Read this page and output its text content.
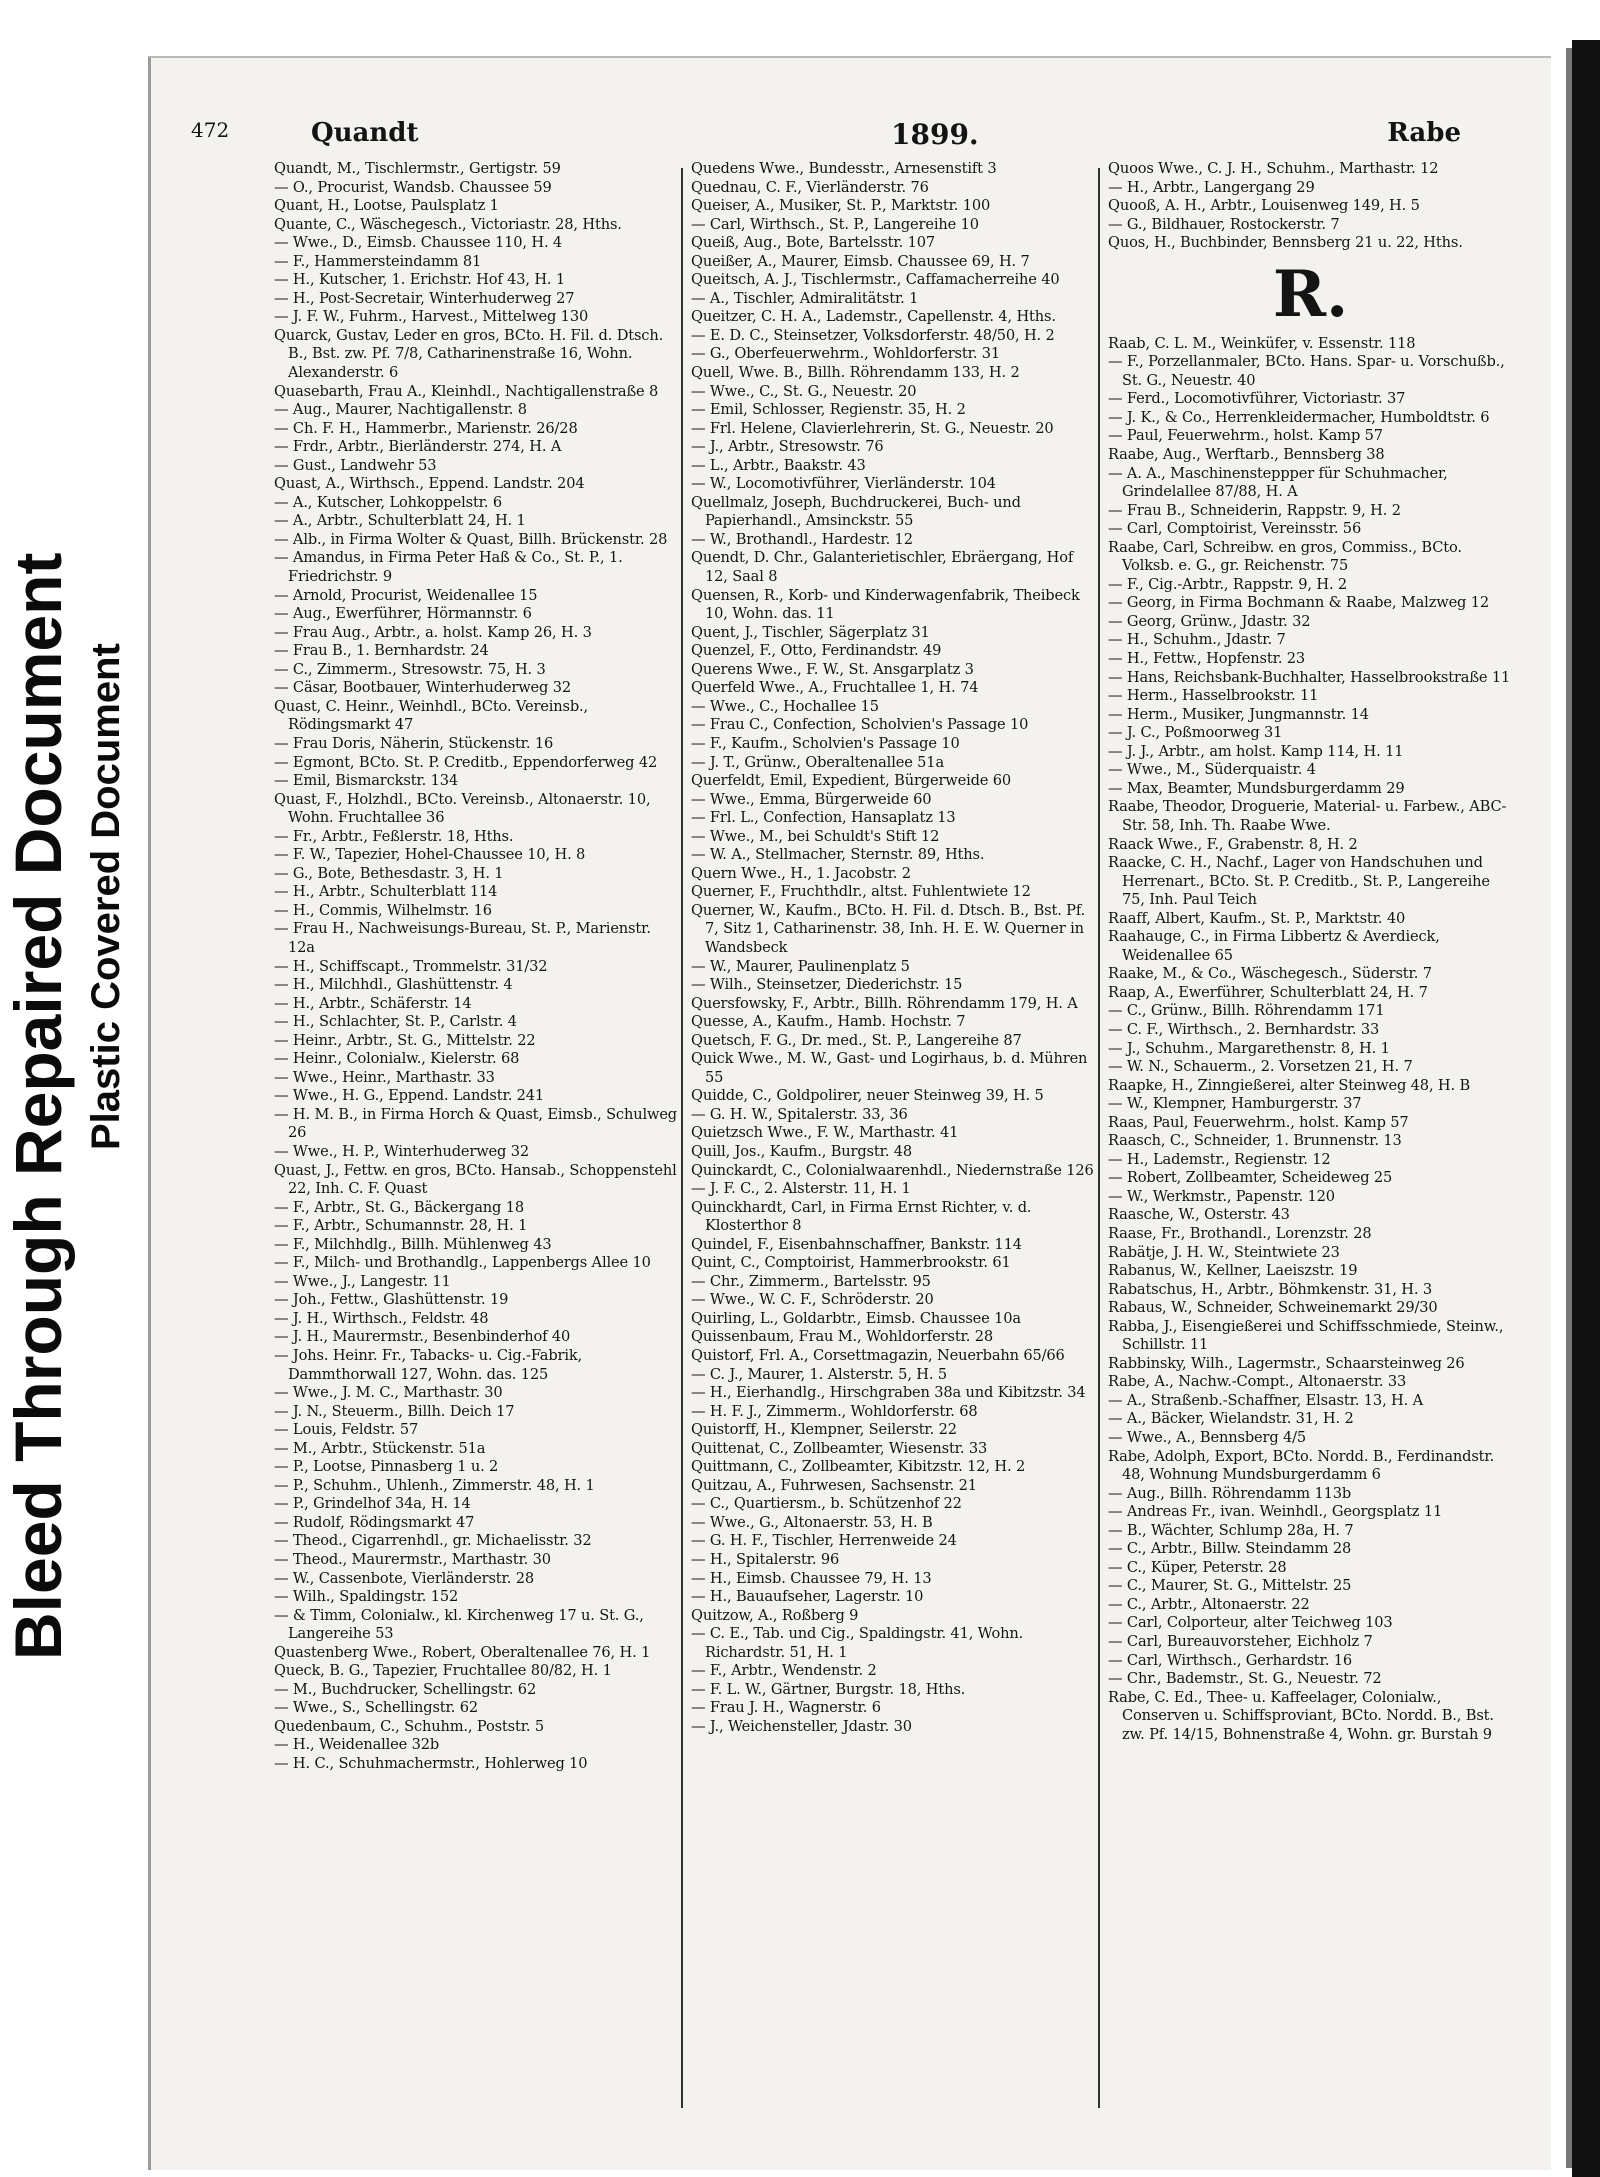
Bleed Through Repaired Document Plastic Covered Document
472	Quandt	1899.	Rabe
Quandt, M., Tischlermstr., Gertigstr. 59
— O., Procurist, Wandsb. Chaussee 59
Quant, H., Lootse, Paulsplatz 1
Quante, C., Wäschegesch., Victoriastr. 28, Hths.
— Wwe., D., Eimsb. Chaussee 110, H. 4
— F., Hammersteindamm 81
— H., Kutscher, 1. Erichstr. Hof 43, H. 1
— H., Post-Secretair, Winterhuderweg 27
— J. F. W., Fuhrm., Harvest., Mittelweg 130
Quarck, Gustav, Leder en gros, BCto. H. Fil. d. Dtsch. B., Bst. zw. Pf. 7/8, Catharinenstraße 16, Wohn. Alexanderstr. 6
Quasebarth, Frau A., Kleinhdl., Nachtigallenstraße 8
— Aug., Maurer, Nachtigallenstr. 8
— Ch. F. H., Hammerbr., Marienstr. 26/28
— Frdr., Arbtr., Bierländerstr. 274, H. A
— Gust., Landwehr 53
Quast, A., Wirthsch., Eppend. Landstr. 204
— A., Kutscher, Lohkoppelstr. 6
— A., Arbtr., Schulterblatt 24, H. 1
— Alb., in Firma Wolter & Quast, Billh. Brückenstr. 28
— Amandus, in Firma Peter Haß & Co., St. P., 1. Friedrichstr. 9
— Arnold, Procurist, Weidenallee 15
— Aug., Ewerführer, Hörmannstr. 6
— Frau Aug., Arbtr., a. holst. Kamp 26, H. 3
— Frau B., 1. Bernhardstr. 24
— C., Zimmerm., Stresowstr. 75, H. 3
— Cäsar, Bootbauer, Winterhuderweg 32
Quast, C. Heinr., Weinhdl., BCto. Vereinsb., Rödingsmarkt 47
— Frau Doris, Näherin, Stückenstr. 16
— Egmont, BCto. St. P. Creditb., Eppendorferweg 42
— Emil, Bismarckstr. 134
Quast, F., Holzhdl., BCto. Vereinsb., Altonaerstr. 10, Wohn. Fruchtallee 36
— Fr., Arbtr., Feßlerstr. 18, Hths.
— F. W., Tapezier, Hohel-Chaussee 10, H. 8
— G., Bote, Bethesdastr. 3, H. 1
— H., Arbtr., Schulterblatt 114
— H., Commis, Wilhelmstr. 16
— Frau H., Nachweisungs-Bureau, St. P., Marienstr. 12a
— H., Schiffscapt., Trommelstr. 31/32
— H., Milchhdl., Glashüttenstr. 4
— H., Arbtr., Schäferstr. 14
— H., Schlachter, St. P., Carlstr. 4
— Heinr., Arbtr., St. G., Mittelstr. 22
— Heinr., Colonialw., Kielerstr. 68
— Wwe., Heinr., Marthastr. 33
— Wwe., H. G., Eppend. Landstr. 241
— H. M. B., in Firma Horch & Quast, Eimsb., Schulweg 26
— Wwe., H. P., Winterhuderweg 32
Quast, J., Fettw. en gros, BCto. Hansab., Schoppenstehl 22, Inh. C. F. Quast
— F., Arbtr., St. G., Bäckergang 18
— F., Arbtr., Schumannstr. 28, H. 1
— F., Milchhdlg., Billh. Mühlenweg 43
— F., Milch- und Brothandlg., Lappenbergs Allee 10
— Wwe., J., Langestr. 11
— Joh., Fettw., Glashüttenstr. 19
— J. H., Wirthsch., Feldstr. 48
— J. H., Maurermstr., Besenbinderhof 40
— Johs. Heinr. Fr., Tabacks- u. Cig.-Fabrik, Dammthorwall 127, Wohn. das. 125
— Wwe., J. M. C., Marthastr. 30
— J. N., Steuerm., Billh. Deich 17
— Louis, Feldstr. 57
— M., Arbtr., Stückenstr. 51a
— P., Lootse, Pinnasberg 1 u. 2
— P., Schuhm., Uhlenh., Zimmerstr. 48, H. 1
— P., Grindelhof 34a, H. 14
— Rudolf, Rödingsmarkt 47
— Theod., Cigarrenhdl., gr. Michaelisstr. 32
— Theod., Maurermstr., Marthastr. 30
— W., Cassenbote, Vierländerstr. 28
— Wilh., Spaldingstr. 152
— & Timm, Colonialw., kl. Kirchenweg 17 u. St. G., Langereihe 53
Quastenberg Wwe., Robert, Oberaltenallee 76, H. 1
Queck, B. G., Tapezier, Fruchtallee 80/82, H. 1
— M., Buchdrucker, Schellingstr. 62
— Wwe., S., Schellingstr. 62
Quedenbaum, C., Schuhm., Poststr. 5
— H., Weidenallee 32b
— H. C., Schuhmachermstr., Hohlerweg 10
Quedens Wwe., Bundesstr., Arnesenstift 3
Quednau, C. F., Vierländerstr. 76
Queiser, A., Musiker, St. P., Marktstr. 100
— Carl, Wirthsch., St. P., Langereihe 10
Queiß, Aug., Bote, Bartelsstr. 107
Queißer, A., Maurer, Eimsb. Chaussee 69, H. 7
Queitsch, A. J., Tischlermstr., Caffamacherreihe 40
— A., Tischler, Admiralitätstr. 1
Queitzer, C. H. A., Lademstr., Capellenstr. 4, Hths.
— E. D. C., Steinsetzer, Volksdorferstr. 48/50, H. 2
— G., Oberfeuerwehrm., Wohldorferstr. 31
Quell, Wwe. B., Billh. Röhrendamm 133, H. 2
— Wwe., C., St. G., Neuestr. 20
— Emil, Schlosser, Regienstr. 35, H. 2
— Frl. Helene, Clavierlehrerin, St. G., Neuestr. 20
— J., Arbtr., Stresowstr. 76
— L., Arbtr., Baakstr. 43
— W., Locomotivführer, Vierländerstr. 104
Quellmalz, Joseph, Buchdruckerei, Buch- und Papierhandl., Amsinckstr. 55
— W., Brothandl., Hardestr. 12
Quendt, D. Chr., Galanterietischler, Ebräergang, Hof 12, Saal 8
Quensen, R., Korb- und Kinderwagenfabrik, Theibeck 10, Wohn. das. 11
Quent, J., Tischler, Sägerplatz 31
Quenzel, F., Otto, Ferdinandstr. 49
Querens Wwe., F. W., St. Ansgarplatz 3
Querfeld Wwe., A., Fruchtallee 1, H. 74
— Wwe., C., Hochallee 15
— Frau C., Confection, Scholvien's Passage 10
— F., Kaufm., Scholvien's Passage 10
— J. T., Grünw., Oberaltenallee 51a
Querfeldt, Emil, Expedient, Bürgerweide 60
— Wwe., Emma, Bürgerweide 60
— Frl. L., Confection, Hansaplatz 13
— Wwe., M., bei Schuldt's Stift 12
— W. A., Stellmacher, Sternstr. 89, Hths.
Quern Wwe., H., 1. Jacobstr. 2
Querner, F., Fruchthdlr., altst. Fuhlentwiete 12
Querner, W., Kaufm., BCto. H. Fil. d. Dtsch. B., Bst. Pf. 7, Sitz 1, Catharinenstr. 38, Inh. H. E. W. Querner in Wandsbeck
— W., Maurer, Paulinenplatz 5
— Wilh., Steinsetzer, Diederichstr. 15
Quersfowsky, F., Arbtr., Billh. Röhrendamm 179, H. A
Quesse, A., Kaufm., Hamb. Hochstr. 7
Quetsch, F. G., Dr. med., St. P., Langereihe 87
Quick Wwe., M. W., Gast- und Logirhaus, b. d. Mühren 55
Quidde, C., Goldpolirer, neuer Steinweg 39, H. 5
— G. H. W., Spitalerstr. 33, 36
Quietzsch Wwe., F. W., Marthastr. 41
Quill, Jos., Kaufm., Burgstr. 48
Quinckardt, C., Colonialwaarenhdl., Niedernstraße 126
— J. F. C., 2. Alsterstr. 11, H. 1
Quinckhardt, Carl, in Firma Ernst Richter, v. d. Klosterthor 8
Quindel, F., Eisenbahnschaffner, Bankstr. 114
Quint, C., Comptoirist, Hammerbrookstr. 61
— Chr., Zimmerm., Bartelsstr. 95
— Wwe., W. C. F., Schröderstr. 20
Quirling, L., Goldarbtr., Eimsb. Chaussee 10a
Quissenbaum, Frau M., Wohldorferstr. 28
Quistorf, Frl. A., Corsettmagazin, Neuerbahn 65/66
— C. J., Maurer, 1. Alsterstr. 5, H. 5
— H., Eierhandlg., Hirschgraben 38a und Kibitzstr. 34
— H. F. J., Zimmerm., Wohldorferstr. 68
Quistorff, H., Klempner, Seilerstr. 22
Quittenat, C., Zollbeamter, Wiesenstr. 33
Quittmann, C., Zollbeamter, Kibitzstr. 12, H. 2
Quitzau, A., Fuhrwesen, Sachsenstr. 21
— C., Quartiersm., b. Schützenhof 22
— Wwe., G., Altonaerstr. 53, H. B
— G. H. F., Tischler, Herrenweide 24
— H., Spitalerstr. 96
— H., Eimsb. Chaussee 79, H. 13
— H., Bauaufseher, Lagerstr. 10
Quitzow, A., Roßberg 9
— C. E., Tab. und Cig., Spaldingstr. 41, Wohn. Richardstr. 51, H. 1
— F., Arbtr., Wendenstr. 2
— F. L. W., Gärtner, Burgstr. 18, Hths.
— Frau J. H., Wagnerstr. 6
— J., Weichensteller, Jdastr. 30
Quoos Wwe., C. J. H., Schuhm., Marthastr. 12
— H., Arbtr., Langergang 29
Quooß, A. H., Arbtr., Louisenweg 149, H. 5
— G., Bildhauer, Rostockerstr. 7
Quos, H., Buchbinder, Bennsberg 21 u. 22, Hths.
R.
Raab, C. L. M., Weinküfer, v. Essenstr. 118
— F., Porzellanmaler, BCto. Hans. Spar- u. Vorschußb., St. G., Neuestr. 40
— Ferd., Locomotivführer, Victoriastr. 37
— J. K., & Co., Herrenkleidermacher, Humboldtstr. 6
— Paul, Feuerwehrm., holst. Kamp 57
Raabe, Aug., Werftarb., Bennsberg 38
— A. A., Maschinensteppper für Schuhmacher, Grindelallee 87/88, H. A
— Frau B., Schneiderin, Rappstr. 9, H. 2
— Carl, Comptoirist, Vereinsstr. 56
Raabe, Carl, Schreibw. en gros, Commiss., BCto. Volksb. e. G., gr. Reichenstr. 75
— F., Cig.-Arbtr., Rappstr. 9, H. 2
— Georg, in Firma Bochmann & Raabe, Malzweg 12
— Georg, Grünw., Jdastr. 32
— H., Schuhm., Jdastr. 7
— H., Fettw., Hopfenstr. 23
— Hans, Reichsbank-Buchhalter, Hasselbrookstraße 11
— Herm., Hasselbrookstr. 11
— Herm., Musiker, Jungmannstr. 14
— J. C., Poßmoorweg 31
— J. J., Arbtr., am holst. Kamp 114, H. 11
— Wwe., M., Süderquaistr. 4
— Max, Beamter, Mundsburgerdamm 29
Raabe, Theodor, Droguerie, Material- u. Farbew., ABC-Str. 58, Inh. Th. Raabe Wwe.
Raack Wwe., F., Grabenstr. 8, H. 2
Raacke, C. H., Nachf., Lager von Handschuhen und Herrenart., BCto. St. P. Creditb., St. P., Langereihe 75, Inh. Paul Teich
Raaff, Albert, Kaufm., St. P., Marktstr. 40
Raahauge, C., in Firma Libbertz & Averdieck, Weidenallee 65
Raake, M., & Co., Wäschegesch., Süderstr. 7
Raap, A., Ewerführer, Schulterblatt 24, H. 7
— C., Grünw., Billh. Röhrendamm 171
— C. F., Wirthsch., 2. Bernhardstr. 33
— J., Schuhm., Margarethenstr. 8, H. 1
— W. N., Schauerm., 2. Vorsetzen 21, H. 7
Raapke, H., Zinngießerei, alter Steinweg 48, H. B
— W., Klempner, Hamburgerstr. 37
Raas, Paul, Feuerwehrm., holst. Kamp 57
Raasch, C., Schneider, 1. Brunnenstr. 13
— H., Lademstr., Regienstr. 12
— Robert, Zollbeamter, Scheideweg 25
— W., Werkmstr., Papenstr. 120
Raasche, W., Osterstr. 43
Raase, Fr., Brothandl., Lorenzstr. 28
Rabätje, J. H. W., Steintwiete 23
Rabanus, W., Kellner, Laeiszstr. 19
Rabatschus, H., Arbtr., Böhmkenstr. 31, H. 3
Rabaus, W., Schneider, Schweinemarkt 29/30
Rabba, J., Eisengießerei und Schiffsschmiede, Steinw., Schillstr. 11
Rabbinsky, Wilh., Lagermstr., Schaarsteinweg 26
Rabe, A., Nachw.-Compt., Altonaerstr. 33
— A., Straßenb.-Schaffner, Elsastr. 13, H. A
— A., Bäcker, Wielandstr. 31, H. 2
— Wwe., A., Bennsberg 4/5
Rabe, Adolph, Export, BCto. Nordd. B., Ferdinandstr. 48, Wohnung Mundsburgerdamm 6
— Aug., Billh. Röhrendamm 113b
— Andreas Fr., ivan. Weinhdl., Georgsplatz 11
— B., Wächter, Schlump 28a, H. 7
— C., Arbtr., Billw. Steindamm 28
— C., Küper, Peterstr. 28
— C., Maurer, St. G., Mittelstr. 25
— C., Arbtr., Altonaerstr. 22
— Carl, Colporteur, alter Teichweg 103
— Carl, Bureauvorsteher, Eichholz 7
— Carl, Wirthsch., Gerhardstr. 16
— Chr., Bademstr., St. G., Neuestr. 72
Rabe, C. Ed., Thee- u. Kaffeelager, Colonialw., Conserven u. Schiffsproviant, BCto. Nordd. B., Bst. zw. Pf. 14/15, Bohnenstraße 4, Wohn. gr. Burstah 9
